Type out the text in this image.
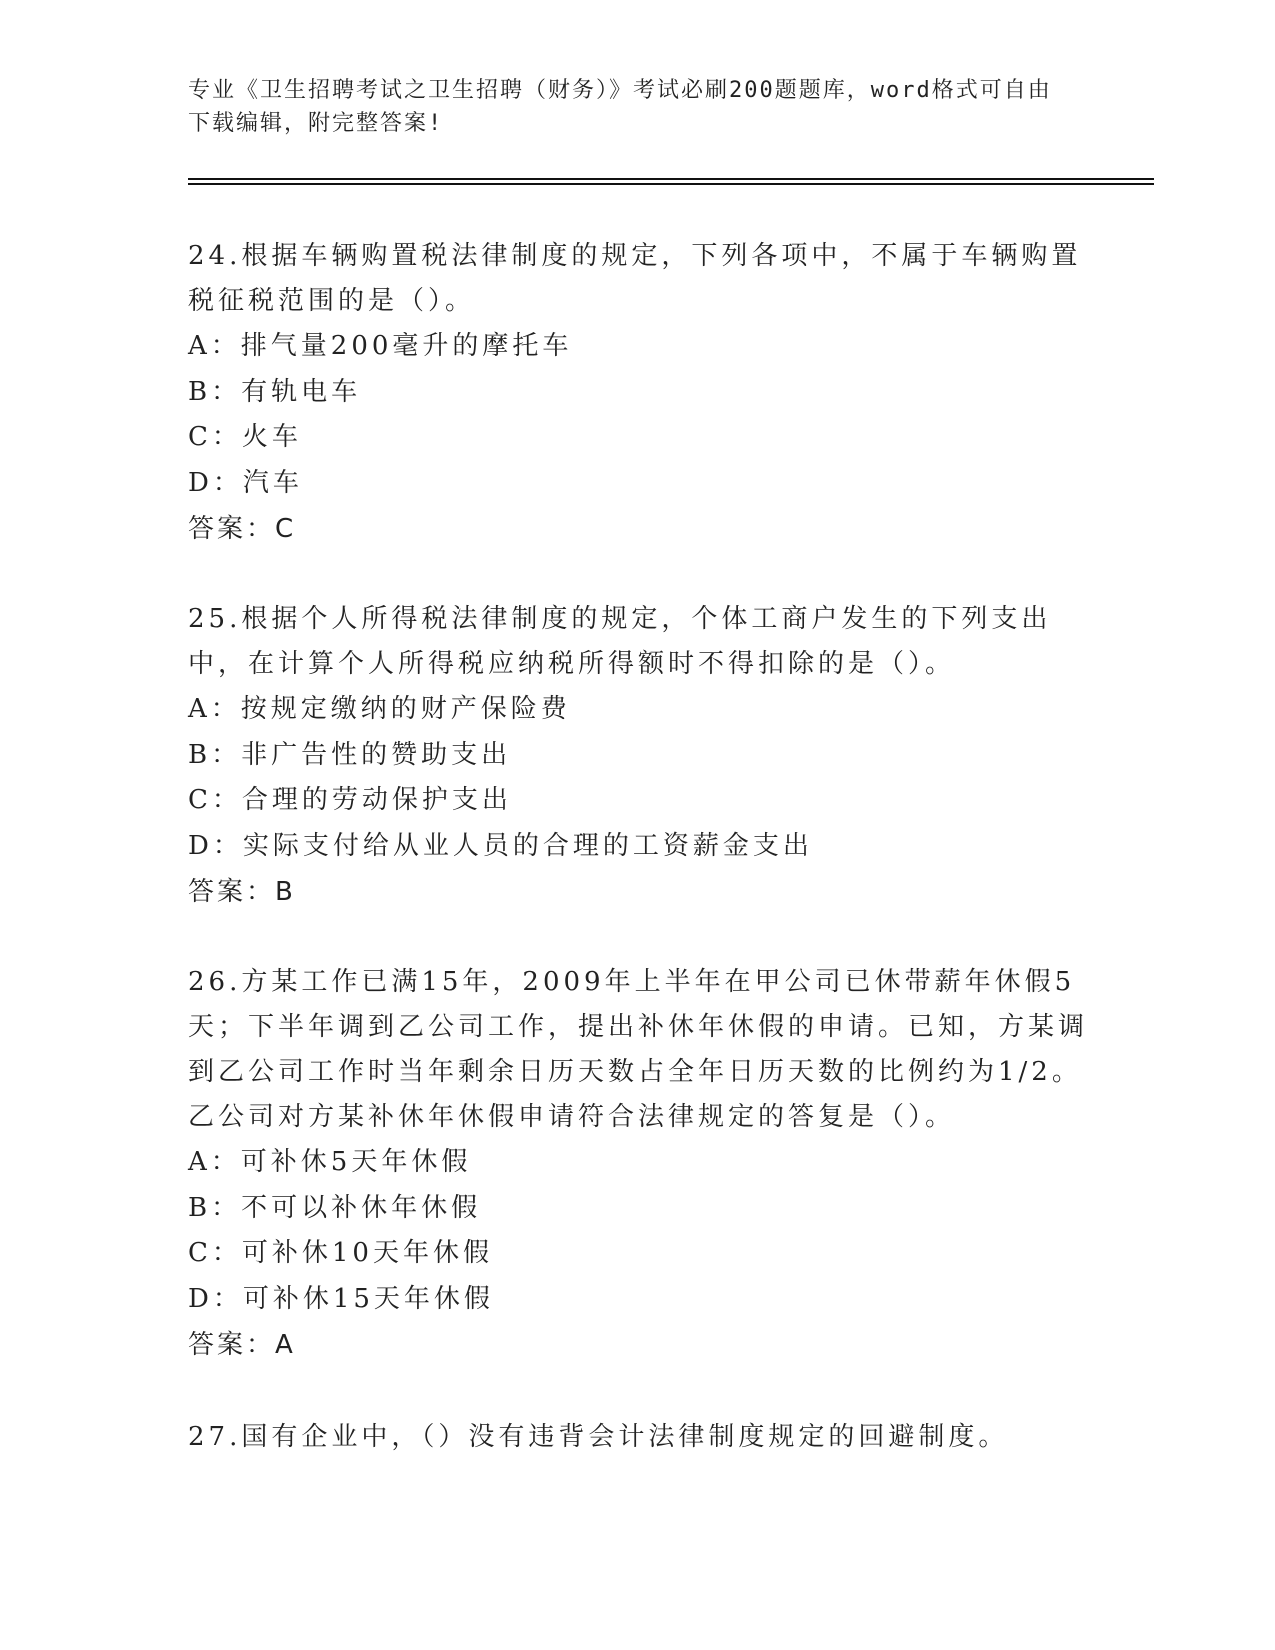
专业《卫生招聘考试之卫生招聘（财务）》考试必刷200题题库，word格式可自由下载编辑，附完整答案!
24.根据车辆购置税法律制度的规定，下列各项中，不属于车辆购置税征税范围的是（）。
A：排气量200毫升的摩托车
B：有轨电车
C：火车
D：汽车
答案：C
25.根据个人所得税法律制度的规定，个体工商户发生的下列支出中，在计算个人所得税应纳税所得额时不得扣除的是（）。
A：按规定缴纳的财产保险费
B：非广告性的赞助支出
C：合理的劳动保护支出
D：实际支付给从业人员的合理的工资薪金支出
答案：B
26.方某工作已满15年，2009年上半年在甲公司已休带薪年休假5天；下半年调到乙公司工作，提出补休年休假的申请。已知，方某调到乙公司工作时当年剩余日历天数占全年日历天数的比例约为1/2。乙公司对方某补休年休假申请符合法律规定的答复是（）。
A：可补休5天年休假
B：不可以补休年休假
C：可补休10天年休假
D：可补休15天年休假
答案：A
27.国有企业中，（）没有违背会计法律制度规定的回避制度。
